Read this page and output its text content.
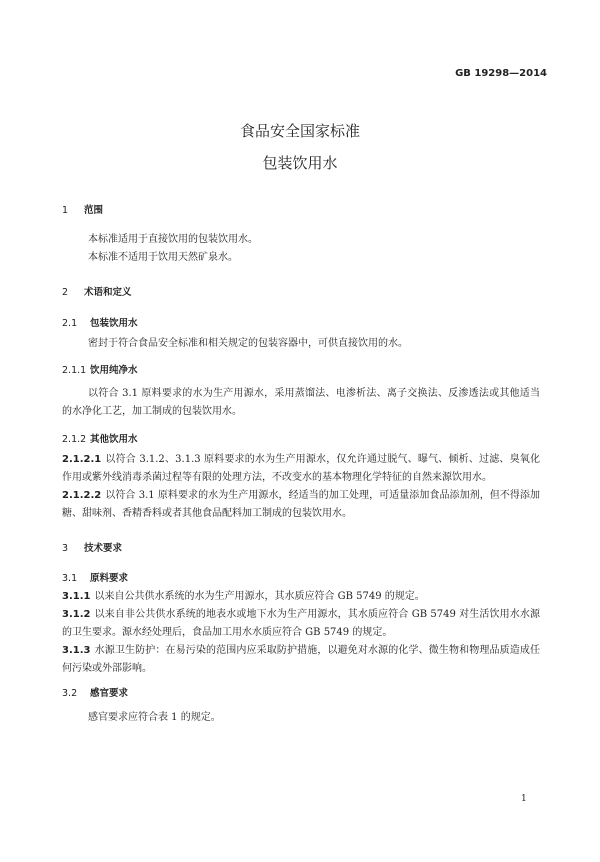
GB 19298—2014
食品安全国家标准
包装饮用水
1 范围
本标准适用于直接饮用的包装饮用水。
本标准不适用于饮用天然矿泉水。
2 术语和定义
2.1 包装饮用水
密封于符合食品安全标准和相关规定的包装容器中，可供直接饮用的水。
2.1.1 饮用纯净水
以符合 3.1 原料要求的水为生产用源水，采用蒸馏法、电渗析法、离子交换法、反渗透法或其他适当的水净化工艺，加工制成的包装饮用水。
2.1.2 其他饮用水
2.1.2.1 以符合 3.1.2、3.1.3 原料要求的水为生产用源水，仅允许通过脱气、曝气、倾析、过滤、臭氧化作用或紫外线消毒杀菌过程等有限的处理方法，不改变水的基本物理化学特征的自然来源饮用水。
2.1.2.2 以符合 3.1 原料要求的水为生产用源水，经适当的加工处理，可适量添加食品添加剂，但不得添加糖、甜味剂、香精香料或者其他食品配料加工制成的包装饮用水。
3 技术要求
3.1 原料要求
3.1.1 以来自公共供水系统的水为生产用源水，其水质应符合 GB 5749 的规定。
3.1.2 以来自非公共供水系统的地表水或地下水为生产用源水，其水质应符合 GB 5749 对生活饮用水水源的卫生要求。源水经处理后，食品加工用水水质应符合 GB 5749 的规定。
3.1.3 水源卫生防护：在易污染的范围内应采取防护措施，以避免对水源的化学、微生物和物理品质造成任何污染或外部影响。
3.2 感官要求
感官要求应符合表 1 的规定。
1
